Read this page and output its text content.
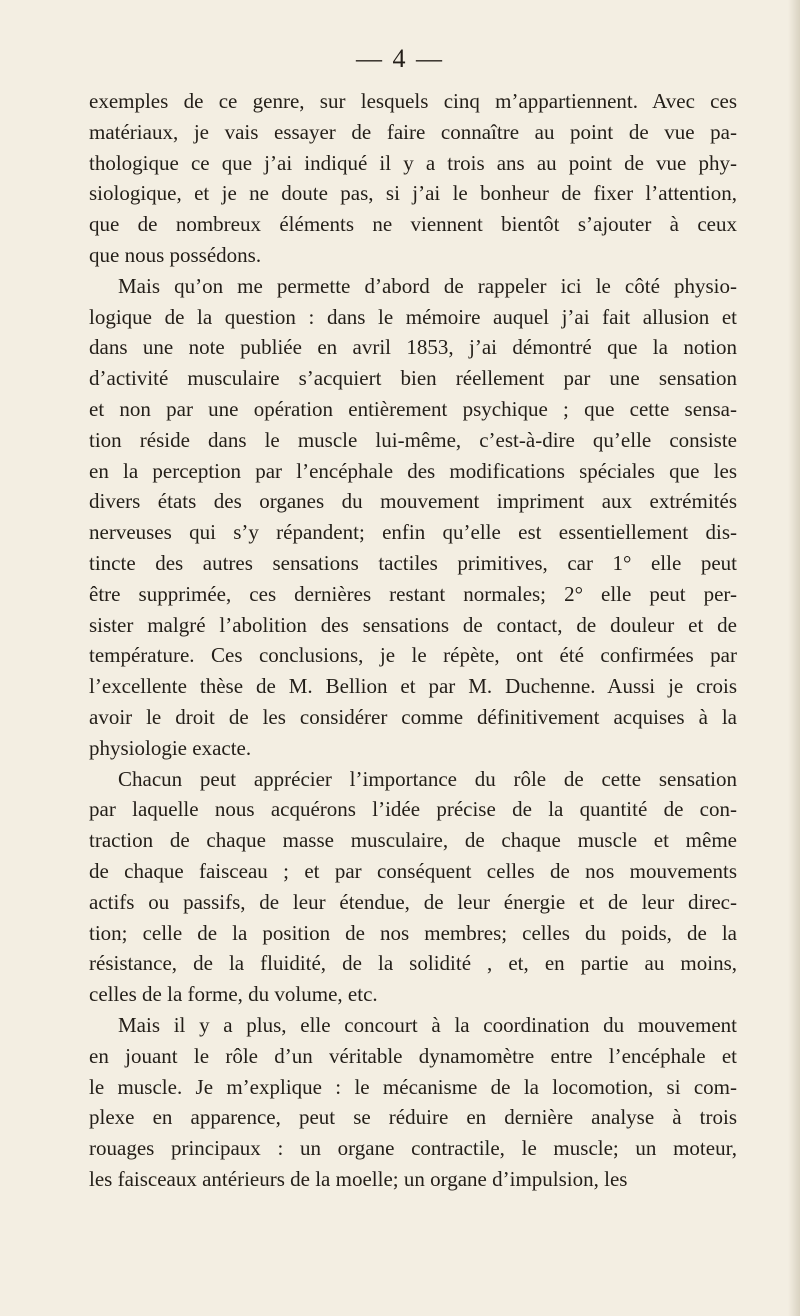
— 4 —

exemples de ce genre, sur lesquels cinq m’appartiennent. Avec ces
matériaux, je vais essayer de faire connaître au point de vue pa-
thologique ce que j’ai indiqué il y a trois ans au point de vue phy-
siologique, et je ne doute pas, si j’ai le bonheur de fixer l’attention,
que de nombreux éléments ne viennent bientôt s’ajouter à ceux
que nous possédons.

Mais qu’on me permette d’abord de rappeler ici le côté physio-
logique de la question : dans le mémoire auquel j’ai fait allusion et
dans une note publiée en avril 1853, j’ai démontré que la notion
d’activité musculaire s’acquiert bien réellement par une sensation
et non par une opération entièrement psychique ; que cette sensa-
tion réside dans le muscle lui-même, c’est-à-dire qu’elle consiste
en la perception par l’encéphale des modifications spéciales que les
divers états des organes du mouvement impriment aux extrémités
nerveuses qui s’y répandent; enfin qu’elle est essentiellement dis-
tincte des autres sensations tactiles primitives, car 1° elle peut
être supprimée, ces dernières restant normales; 2° elle peut per-
sister malgré l’abolition des sensations de contact, de douleur et de
température. Ces conclusions, je le répète, ont été confirmées par
l’excellente thèse de M. Bellion et par M. Duchenne. Aussi je crois
avoir le droit de les considérer comme définitivement acquises à la
physiologie exacte.

Chacun peut apprécier l’importance du rôle de cette sensation
par laquelle nous acquérons l’idée précise de la quantité de con-
traction de chaque masse musculaire, de chaque muscle et même
de chaque faisceau ; et par conséquent celles de nos mouvements
actifs ou passifs, de leur étendue, de leur énergie et de leur direc-
tion; celle de la position de nos membres; celles du poids, de la
résistance, de la fluidité, de la solidité , et, en partie au moins,
celles de la forme, du volume, etc.

Mais il y a plus, elle concourt à la coordination du mouvement
en jouant le rôle d’un véritable dynamomètre entre l’encéphale et
le muscle. Je m’explique : le mécanisme de la locomotion, si com-
plexe en apparence, peut se réduire en dernière analyse à trois
rouages principaux : un organe contractile, le muscle; un moteur,
les faisceaux antérieurs de la moelle; un organe d’impulsion, les
